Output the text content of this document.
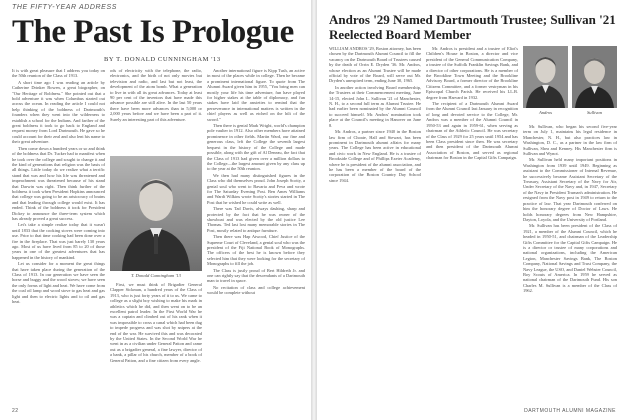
THE FIFTY-YEAR ADDRESS
The Past Is Prologue
BY T. DONALD CUNNINGHAM '13

It is with great pleasure that I address you today on the 50th reunion of the Class of 1913.

A short time ago I was reading an article by Catherine Drinker Bowen, a great biographer, on "Our Heritage of Boldness." She pointed out that a bold adventure it was when Columbus started out across the ocean. In reading the article I could not help thinking of the boldness of Dartmouth's founders when they went into the wilderness to establish a school for the Indians. And farther of the great boldness it took to go back to England and request money from Lord Dartmouth. He gave so he could account for their zeal and also lent his name to their great adventure.

Then come down a hundred years or so and think of the boldness that Dr. Tucker had to manifest when he took over the college and sought to change it and the kind of generations that religion was the basis of all things. Little today do we realize what a terrific stand that was and how his life was threatened and impeachment was threatened because of his stand that Darwin was right. Then think further of the boldness it took when President Hopkins announced that college was going to be an aristocracy of brains and that leading through college would exist. It has ended. Think of the boldness it took for President Dickey to announce the three-term system which has already proved a great success.

Let's take a simple realize today that it wasn't until 1833 that the cooking stoves were coming into use. Prior to that time cooking had been done over a fire in the fireplace. That was just barely 130 years ago. Most of us have lived from 85 to 20 of those years in one of the greatest adventures that has happened in the history of mankind.

Let us consider for a moment the great things that have taken place during the generation of the Class of 1913. In our generation we have seen the horse and buggy and the wood stoves; we have seen the only forms of light and heat. We have come from the coal oil lamp and wood stove to gas heat and gas light and then to electric lights and to oil and gas heat.

ods of electricity with the telephone, the radio, electronics, and the birth of not only movies but television and radio, and last but not least, the development of the atom bomb. What a generation to live in with all its great advances. Today at least 90 per cent of the inventors that have made this advance possible are still alive. In the last 50 years there have been more advances than in 5,000 or 2,000 years before and we have been a part of it. Surely an interesting part of this adventure.

T. Donald Cunningham '13

First, we must think of Brigadier General Clapper Sickman, a hundred years of the Class of 1913, who is just forty years of it to us. We came to college as a slight boy wishing to make his mark in athletics which he did, and then went on to be an excellent patrol leader. In the First World War he was a captain and climbed out of his rank when it was impossible to cross a canal which had been dug to impede progress and was shot by snipers at the end of the war. He survived this and was decorated by the United States. In the Second World War he went in as a civilian under General Patton and came out as a brigadier general, a fine lawyer, director of a bank, a pillar of his church, member of a book of General Patton, and a fine citizen from every angle.

Another international figure is Kipp Tush, an active in most of the places while in college. Then he became a prominent international figure. To quote from The Alumni Award given him in 1955, "You bring men can mostly your life his time adventure, fun have played for higher stakes at the table of diplomacy, and fun stakes have laid the anxieties to remind that the perseverance in international matters is written in the chief players as well as etched on the hilt of the sword."

Then there is genial Mark Wright, world's champion pole vaulter in 1912. Also other members have attained prominence in other fields. Martin Ward, our fine and generous class, left the College the seventh largest bequest in the history of the College and made possible, along with the gift of Al Deneau, the fact that the Class of 1913 had given over a million dollars to the College—the largest amount given by any class up to the year at the 50th reunion.

We then had many distinguished figures in the Class who did themselves proud. John Joseph Scotty, a genial soul who went to Bavaria and Feva and wrote for The Saturday Evening Post. Ben Ames Williams and Wardt Wilkins wrote Scotty's stories started in The Post that he wished he could write as well.

There was Tad Davis, always dashing, sharp and protected by the fact that he was owner of the showboat and was elected by the old justice Lee Thomas. Ted last lost many memorable stories in The Post, mostly related to antique furniture.

Then there was Hap Atwood, Chief Justice of the Supreme Court of Cleveland, a genial soul who was the president of the Fiji National Book of Monographs. The officers of the best he is known before they selected him that they were looking for the secretary of Monographs to fill the job.

The Class is justly proud of Bert Hildreth Jr. and one can rightly say that the descendants of a Dartmouth man to travel in space.

No recitation of class and college achievement would be complete without

22
Andros '29 Named Dartmouth Trustee; Sullivan '21 Reelected Board Member

WILLIAM ANDROS '29, Boston attorney, has been chosen by the Dartmouth Alumni Council to fill the vacancy on the Dartmouth Board of Trustees caused by the death of Orrin E. Dryden '36. Mr. Andros, whose election as an Alumni Trustee will be made official by vote of the Board, will serve out Mr. Dryden's unexpired term, ending June 30, 1965.

In another action involving Board membership, the Trustees at their Commencement meeting, June 14-15, elected John L. Sullivan '21 of Manchester, N. H., to a second full term as Alumni Trustee. He had earlier been nominated by the Alumni Council to succeed himself. Mr. Andros' nomination took place at the Council's meeting in Hanover on June 8.

Mr. Andros, a partner since 1940 in the Boston law firm of Choate, Hall and Stewart, has been prominent in Dartmouth alumni affairs for many years. The College has been active in educational and civic work in New England. He is a trustee of Brookside College and of Phillips Exeter Academy, where he is president of the alumni association, and he has been a member of the board of the corporation of the Boston Country Day School since 1944.

Mr. Andros is president and a trustee of Eliot's Children's House in Boston, a director and vice president of the General Communication Company, a trustee of the Suffolk Franklin Savings Bank, and a director of other corporations. He is a member of the Brookline Town Meeting and the Brookline Advisory Board, a former director of the Brookline Citizens Committee, and a former vestryman in his Episcopal Church Parish. He received his LL.B. degree from Harvard in 1932.

The recipient of a Dartmouth Alumni Award from the Alumni Council last January in recognition of long and devoted service to the College, Mr. Andros was a member of the Alumni Council in 1950-53 and again in 1959-61, when serving as chairman of the Athletic Council. He was secretary of the Class of 1929 for 25 years until 1954 and has been Class president since then. He was secretary and then president of the Dartmouth Alumni Association of Boston, and served as regional chairman for Boston in the Capital Gifts Campaign.

Andros	Sullivan

Mr. Sullivan, who began his second five-year term on July 1, maintains his legal residence in Manchester, N. H., but also practices law in Washington, D. C., as a partner in the law firm of Sullivan, Shea and Kenney. His Manchester firm is Sullivan and Wynot.

Mr. Sullivan held many important positions in Washington from 1939 until 1949. Beginning as assistant to the Commissioner of Internal Revenue, he successively became Assistant Secretary of the Treasury, Assistant Secretary of the Navy for Air, Under Secretary of the Navy and, in 1947, Secretary of the Navy in President Truman's administration. He resigned from the Navy post in 1949 to return to the practice of law. That year Dartmouth conferred on him the honorary degree of Doctor of Laws. He holds honorary degrees from New Hampshire, Dayton, Loyola, and the University of Portland.

Mr. Sullivan has been president of the Class of 1921, a member of the Alumni Council, which he headed in 1950-51, and chairman of the Leadership Gifts Committee for the Capital Gifts Campaign. He is a director or trustee of many corporations and national organizations, including the American Legion, Manchester Savings Bank, The Boston Company, National Savings and Trust Company, the Navy League, the USO, and Daniel Webster Council, Boy Scouts of America. In 1959 he served as national chairman of the Dartmouth Fund. His son Charles M. Sullivan is a member of the Class of 1962.

DARTMOUTH ALUMNI MAGAZINE
